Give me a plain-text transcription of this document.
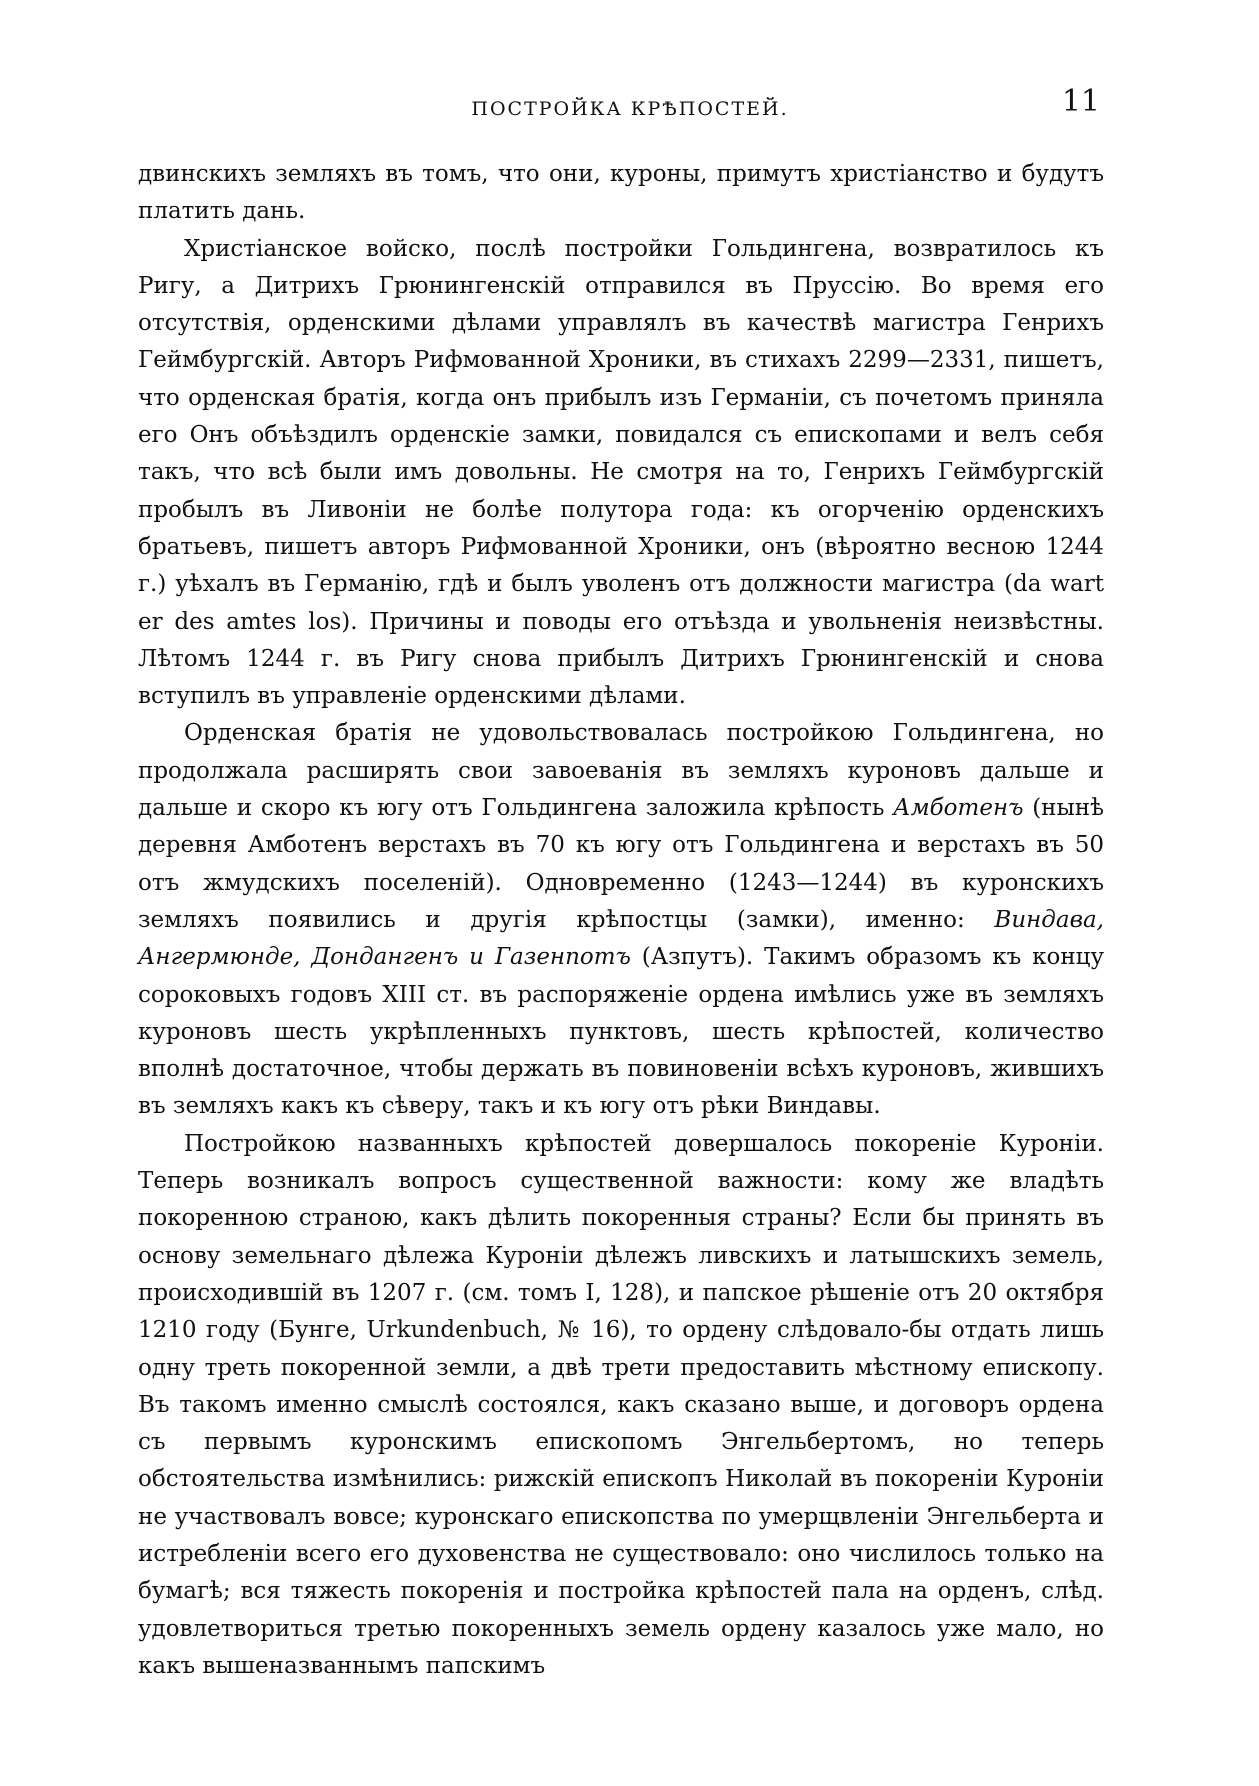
ПОСТРОЙКА КРѢПОСТЕЙ.	11

двинскихъ земляхъ въ томъ, что они, куроны, примутъ христіанство и будутъ платить дань.

Христіанское войско, послѣ постройки Гольдингена, возвратилось къ Ригу, а Дитрихъ Грюнингенскій отправился въ Пруссію. Во время его отсутствія, орденскими дѣлами управлялъ въ качествѣ магистра Генрихъ Геймбургскій. Авторъ Рифмованной Хроники, въ стихахъ 2299—2331, пишетъ, что орденская братія, когда онъ прибылъ изъ Германіи, съ почетомъ приняла его Онъ объѣздилъ орденскіе замки, повидался съ епископами и велъ себя такъ, что всѣ были имъ довольны. Не смотря на то, Генрихъ Геймбургскій пробылъ въ Ливоніи не болѣе полутора года: къ огорченію орденскихъ братьевъ, пишетъ авторъ Рифмованной Хроники, онъ (вѣроятно весною 1244 г.) уѣхалъ въ Германію, гдѣ и былъ уволенъ отъ должности магистра (da wart er des amtes los). Причины и поводы его отъѣзда и увольненія неизвѣстны. Лѣтомъ 1244 г. въ Ригу снова прибылъ Дитрихъ Грюнингенскій и снова вступилъ въ управленіе орденскими дѣлами.

Орденская братія не удовольствовалась постройкою Гольдингена, но продолжала расширять свои завоеванія въ земляхъ куроновъ дальше и дальше и скоро къ югу отъ Гольдингена заложила крѣпость Амботенъ (нынѣ деревня Амботенъ верстахъ въ 70 къ югу отъ Гольдингена и верстахъ въ 50 отъ жмудскихъ поселеній). Одновременно (1243—1244) въ куронскихъ земляхъ появились и другія крѣпостцы (замки), именно: Виндава, Ангермюнде, Дондангенъ и Газенпотъ (Азпутъ). Такимъ образомъ къ концу сороковыхъ годовъ XIII ст. въ распоряженіе ордена имѣлись уже въ земляхъ куроновъ шесть укрѣпленныхъ пунктовъ, шесть крѣпостей, количество вполнѣ достаточное, чтобы держать въ повиновеніи всѣхъ куроновъ, жившихъ въ земляхъ какъ къ сѣверу, такъ и къ югу отъ рѣки Виндавы.

Постройкою названныхъ крѣпостей довершалось покореніе Куроніи. Теперь возникалъ вопросъ существенной важности: кому же владѣть покоренною страною, какъ дѣлить покоренныя страны? Если бы принять въ основу земельнаго дѣлежа Куроніи дѣлежъ ливскихъ и латышскихъ земель, происходившій въ 1207 г. (см. томъ I, 128), и папское рѣшеніе отъ 20 октября 1210 году (Бунге, Urkundenbuch, № 16), то ордену слѣдовало-бы отдать лишь одну треть покоренной земли, а двѣ трети предоставить мѣстному епископу. Въ такомъ именно смыслѣ состоялся, какъ сказано выше, и договоръ ордена съ первымъ куронскимъ епископомъ Энгельбертомъ, но теперь обстоятельства измѣнились: рижскій епископъ Николай въ покореніи Куроніи не участвовалъ вовсе; куронскаго епископства по умерщвленіи Энгельберта и истребленіи всего его духовенства не существовало: оно числилось только на бумагѣ; вся тяжесть покоренія и постройка крѣпостей пала на орденъ, слѣд. удовлетвориться третью покоренныхъ земель ордену казалось уже мало, но какъ вышеназваннымъ папскимъ
